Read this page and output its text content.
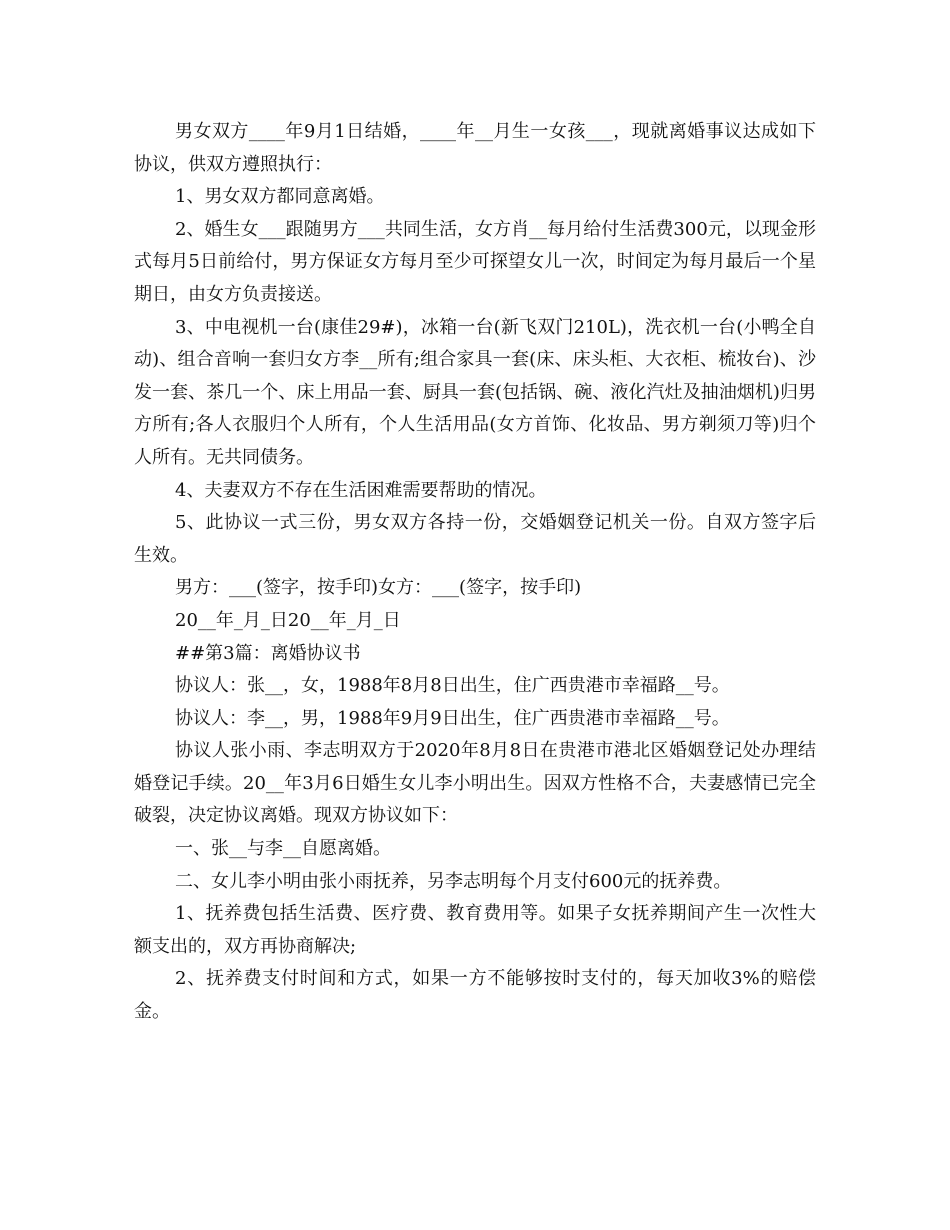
男女双方____年9月1日结婚，____年__月生一女孩___，现就离婚事议达成如下协议，供双方遵照执行：

1、男女双方都同意离婚。

2、婚生女___跟随男方___共同生活，女方肖__每月给付生活费300元，以现金形式每月5日前给付，男方保证女方每月至少可探望女儿一次，时间定为每月最后一个星期日，由女方负责接送。

3、中电视机一台(康佳29#)，冰箱一台(新飞双门210L)，洗衣机一台(小鸭全自动)、组合音响一套归女方李__所有;组合家具一套(床、床头柜、大衣柜、梳妆台)、沙发一套、茶几一个、床上用品一套、厨具一套(包括锅、碗、液化汽灶及抽油烟机)归男方所有;各人衣服归个人所有，个人生活用品(女方首饰、化妆品、男方剃须刀等)归个人所有。无共同债务。

4、夫妻双方不存在生活困难需要帮助的情况。

5、此协议一式三份，男女双方各持一份，交婚姻登记机关一份。自双方签字后生效。

男方：___(签字，按手印)女方：___(签字，按手印)

20__年_月_日20__年_月_日

##第3篇：离婚协议书

协议人：张__，女，1988年8月8日出生，住广西贵港市幸福路__号。

协议人：李__，男，1988年9月9日出生，住广西贵港市幸福路__号。

协议人张小雨、李志明双方于2020年8月8日在贵港市港北区婚姻登记处办理结婚登记手续。20__年3月6日婚生女儿李小明出生。因双方性格不合，夫妻感情已完全破裂，决定协议离婚。现双方协议如下：

一、张__与李__自愿离婚。

二、女儿李小明由张小雨抚养，另李志明每个月支付600元的抚养费。

1、抚养费包括生活费、医疗费、教育费用等。如果子女抚养期间产生一次性大额支出的，双方再协商解决;

2、抚养费支付时间和方式，如果一方不能够按时支付的，每天加收3%的赔偿金。
